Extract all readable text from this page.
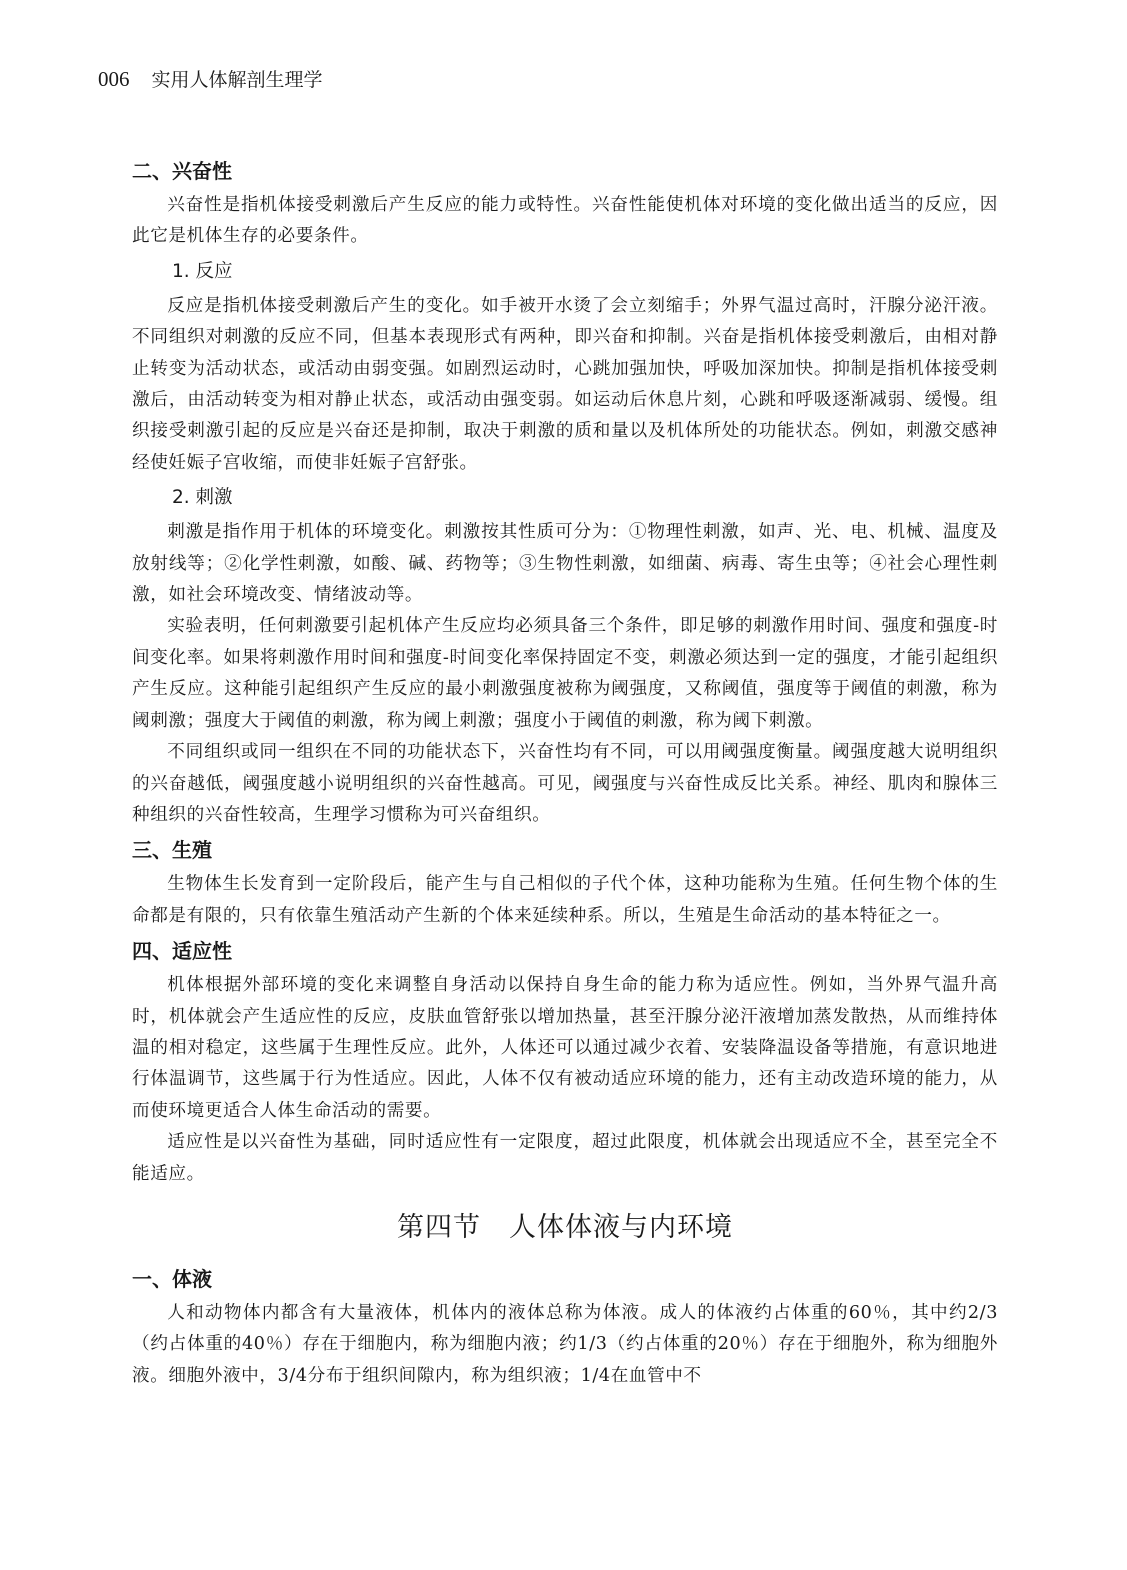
006 实用人体解剖生理学
二、兴奋性

兴奋性是指机体接受刺激后产生反应的能力或特性。兴奋性能使机体对环境的变化做出适当的反应，因此它是机体生存的必要条件。

1. 反应

反应是指机体接受刺激后产生的变化。如手被开水烫了会立刻缩手；外界气温过高时，汗腺分泌汗液。不同组织对刺激的反应不同，但基本表现形式有两种，即兴奋和抑制。兴奋是指机体接受刺激后，由相对静止转变为活动状态，或活动由弱变强。如剧烈运动时，心跳加强加快，呼吸加深加快。抑制是指机体接受刺激后，由活动转变为相对静止状态，或活动由强变弱。如运动后休息片刻，心跳和呼吸逐渐减弱、缓慢。组织接受刺激引起的反应是兴奋还是抑制，取决于刺激的质和量以及机体所处的功能状态。例如，刺激交感神经使妊娠子宫收缩，而使非妊娠子宫舒张。

2. 刺激

刺激是指作用于机体的环境变化。刺激按其性质可分为：①物理性刺激，如声、光、电、机械、温度及放射线等；②化学性刺激，如酸、碱、药物等；③生物性刺激，如细菌、病毒、寄生虫等；④社会心理性刺激，如社会环境改变、情绪波动等。

实验表明，任何刺激要引起机体产生反应均必须具备三个条件，即足够的刺激作用时间、强度和强度-时间变化率。如果将刺激作用时间和强度-时间变化率保持固定不变，刺激必须达到一定的强度，才能引起组织产生反应。这种能引起组织产生反应的最小刺激强度被称为阈强度，又称阈值，强度等于阈值的刺激，称为阈刺激；强度大于阈值的刺激，称为阈上刺激；强度小于阈值的刺激，称为阈下刺激。

不同组织或同一组织在不同的功能状态下，兴奋性均有不同，可以用阈强度衡量。阈强度越大说明组织的兴奋越低，阈强度越小说明组织的兴奋性越高。可见，阈强度与兴奋性成反比关系。神经、肌肉和腺体三种组织的兴奋性较高，生理学习惯称为可兴奋组织。

三、生殖

生物体生长发育到一定阶段后，能产生与自己相似的子代个体，这种功能称为生殖。任何生物个体的生命都是有限的，只有依靠生殖活动产生新的个体来延续种系。所以，生殖是生命活动的基本特征之一。

四、适应性

机体根据外部环境的变化来调整自身活动以保持自身生命的能力称为适应性。例如，当外界气温升高时，机体就会产生适应性的反应，皮肤血管舒张以增加热量，甚至汗腺分泌汗液增加蒸发散热，从而维持体温的相对稳定，这些属于生理性反应。此外，人体还可以通过减少衣着、安装降温设备等措施，有意识地进行体温调节，这些属于行为性适应。因此，人体不仅有被动适应环境的能力，还有主动改造环境的能力，从而使环境更适合人体生命活动的需要。

适应性是以兴奋性为基础，同时适应性有一定限度，超过此限度，机体就会出现适应不全，甚至完全不能适应。

第四节　人体体液与内环境
一、体液

人和动物体内都含有大量液体，机体内的液体总称为体液。成人的体液约占体重的60％，其中约2/3（约占体重的40％）存在于细胞内，称为细胞内液；约1/3（约占体重的20％）存在于细胞外，称为细胞外液。细胞外液中，3/4分布于组织间隙内，称为组织液；1/4在血管中不
